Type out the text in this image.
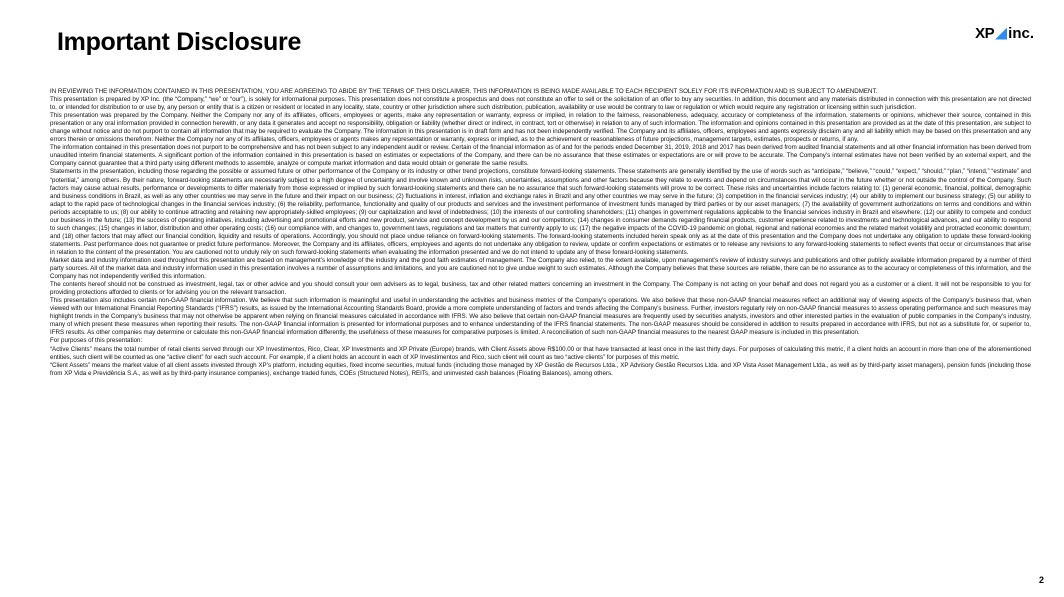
Important Disclosure	XP inc.

IN REVIEWING THE INFORMATION CONTAINED IN THIS PRESENTATION, YOU ARE AGREEING TO ABIDE BY THE TERMS OF THIS DISCLAIMER. THIS INFORMATION IS BEING MADE AVAILABLE TO EACH RECIPIENT SOLELY FOR ITS INFORMATION AND IS SUBJECT TO AMENDMENT.

This presentation is prepared by XP Inc. (the “Company,” “we” or “our”), is solely for informational purposes. This presentation does not constitute a prospectus and does not constitute an offer to sell or the solicitation of an offer to buy any securities. In addition, this document and any materials distributed in connection with this presentation are not directed to, or intended for distribution to or use by, any person or entity that is a citizen or resident or located in any locality, state, country or other jurisdiction where such distribution, publication, availability or use would be contrary to law or regulation or which would require any registration or licensing within such jurisdiction.

This presentation was prepared by the Company. Neither the Company nor any of its affiliates, officers, employees or agents, make any representation or warranty, express or implied, in relation to the fairness, reasonableness, adequacy, accuracy or completeness of the information, statements or opinions, whichever their source, contained in this presentation or any oral information provided in connection herewith, or any data it generates and accept no responsibility, obligation or liability (whether direct or indirect, in contract, tort or otherwise) in relation to any of such information. The information and opinions contained in this presentation are provided as at the date of this presentation, are subject to change without notice and do not purport to contain all information that may be required to evaluate the Company. The information in this presentation is in draft form and has not been independently verified. The Company and its affiliates, officers, employees and agents expressly disclaim any and all liability which may be based on this presentation and any errors therein or omissions therefrom. Neither the Company nor any of its affiliates, officers, employees or agents makes any representation or warranty, express or implied, as to the achievement or reasonableness of future projections, management targets, estimates, prospects or returns, if any.

The information contained in this presentation does not purport to be comprehensive and has not been subject to any independent audit or review. Certain of the financial information as of and for the periods ended December 31, 2019, 2018 and 2017 has been derived from audited financial statements and all other financial information has been derived from unaudited interim financial statements. A significant portion of the information contained in this presentation is based on estimates or expectations of the Company, and there can be no assurance that these estimates or expectations are or will prove to be accurate. The Company’s internal estimates have not been verified by an external expert, and the Company cannot guarantee that a third party using different methods to assemble, analyze or compute market information and data would obtain or generate the same results.

Statements in the presentation, including those regarding the possible or assumed future or other performance of the Company or its industry or other trend projections, constitute forward-looking statements. These statements are generally identified by the use of words such as “anticipate,” “believe,” “could,” “expect,” “should,” “plan,” “intend,” “estimate” and “potential,” among others. By their nature, forward-looking statements are necessarily subject to a high degree of uncertainty and involve known and unknown risks, uncertainties, assumptions and other factors because they relate to events and depend on circumstances that will occur in the future whether or not outside the control of the Company. Such factors may cause actual results, performance or developments to differ materially from those expressed or implied by such forward-looking statements and there can be no assurance that such forward-looking statements will prove to be correct. These risks and uncertainties include factors relating to: (1) general economic, financial, political, demographic and business conditions in Brazil, as well as any other countries we may serve in the future and their impact on our business; (2) fluctuations in interest, inflation and exchange rates in Brazil and any other countries we may serve in the future; (3) competition in the financial services industry; (4) our ability to implement our business strategy; (5) our ability to adapt to the rapid pace of technological changes in the financial services industry; (6) the reliability, performance, functionality and quality of our products and services and the investment performance of investment funds managed by third parties or by our asset managers; (7) the availability of government authorizations on terms and conditions and within periods acceptable to us; (8) our ability to continue attracting and retaining new appropriately-skilled employees; (9) our capitalization and level of indebtedness; (10) the interests of our controlling shareholders; (11) changes in government regulations applicable to the financial services industry in Brazil and elsewhere; (12) our ability to compete and conduct our business in the future; (13) the success of operating initiatives, including advertising and promotional efforts and new product, service and concept development by us and our competitors; (14) changes in consumer demands regarding financial products, customer experience related to investments and technological advances, and our ability to respond to such changes; (15) changes in labor, distribution and other operating costs; (16) our compliance with, and changes to, government laws, regulations and tax matters that currently apply to us; (17) the negative impacts of the COVID-19 pandemic on global, regional and national economies and the related market volatility and protracted economic downturn; and (18) other factors that may affect our financial condition, liquidity and results of operations. Accordingly, you should not place undue reliance on forward-looking statements. The forward-looking statements included herein speak only as at the date of this presentation and the Company does not undertake any obligation to update these forward-looking statements. Past performance does not guarantee or predict future performance. Moreover, the Company and its affiliates, officers, employees and agents do not undertake any obligation to review, update or confirm expectations or estimates or to release any revisions to any forward-looking statements to reflect events that occur or circumstances that arise in relation to the content of the presentation. You are cautioned not to unduly rely on such forward-looking statements when evaluating the information presented and we do not intend to update any of these forward-looking statements.

Market data and industry information used throughout this presentation are based on management’s knowledge of the industry and the good faith estimates of management. The Company also relied, to the extent available, upon management’s review of industry surveys and publications and other publicly available information prepared by a number of third party sources. All of the market data and industry information used in this presentation involves a number of assumptions and limitations, and you are cautioned not to give undue weight to such estimates. Although the Company believes that these sources are reliable, there can be no assurance as to the accuracy or completeness of this information, and the Company has not independently verified this information.

The contents hereof should not be construed as investment, legal, tax or other advice and you should consult your own advisers as to legal, business, tax and other related matters concerning an investment in the Company. The Company is not acting on your behalf and does not regard you as a customer or a client. It will not be responsible to you for providing protections afforded to clients or for advising you on the relevant transaction.

This presentation also includes certain non-GAAP financial information. We believe that such information is meaningful and useful in understanding the activities and business metrics of the Company’s operations. We also believe that these non-GAAP financial measures reflect an additional way of viewing aspects of the Company’s business that, when viewed with our International Financial Reporting Standards (“IFRS”) results, as issued by the International Accounting Standards Board, provide a more complete understanding of factors and trends affecting the Company’s business. Further, investors regularly rely on non-GAAP financial measures to assess operating performance and such measures may highlight trends in the Company’s business that may not otherwise be apparent when relying on financial measures calculated in accordance with IFRS. We also believe that certain non-GAAP financial measures are frequently used by securities analysts, investors and other interested parties in the evaluation of public companies in the Company’s industry, many of which present these measures when reporting their results. The non-GAAP financial information is presented for informational purposes and to enhance understanding of the IFRS financial statements. The non-GAAP measures should be considered in addition to results prepared in accordance with IFRS, but not as a substitute for, or superior to, IFRS results. As other companies may determine or calculate this non-GAAP financial information differently, the usefulness of these measures for comparative purposes is limited. A reconciliation of such non-GAAP financial measures to the nearest GAAP measure is included in this presentation.

For purposes of this presentation:

“Active Clients” means the total number of retail clients served through our XP Investimentos, Rico, Clear, XP Investments and XP Private (Europe) brands, with Client Assets above R$100.00 or that have transacted at least once in the last thirty days. For purposes of calculating this metric, if a client holds an account in more than one of the aforementioned entities, such client will be counted as one “active client” for each such account. For example, if a client holds an account in each of XP Investimentos and Rico, such client will count as two “active clients” for purposes of this metric.

“Client Assets” means the market value of all client assets invested through XP’s platform, including equities, fixed income securities, mutual funds (including those managed by XP Gestão de Recursos Ltda., XP Advisory Gestão Recursos Ltda. and XP Vista Asset Management Ltda., as well as by third-party asset managers), pension funds (including those from XP Vida e Previdência S.A., as well as by third-party insurance companies), exchange traded funds, COEs (Structured Notes), REITs, and uninvested cash balances (Floating Balances), among others.

2
